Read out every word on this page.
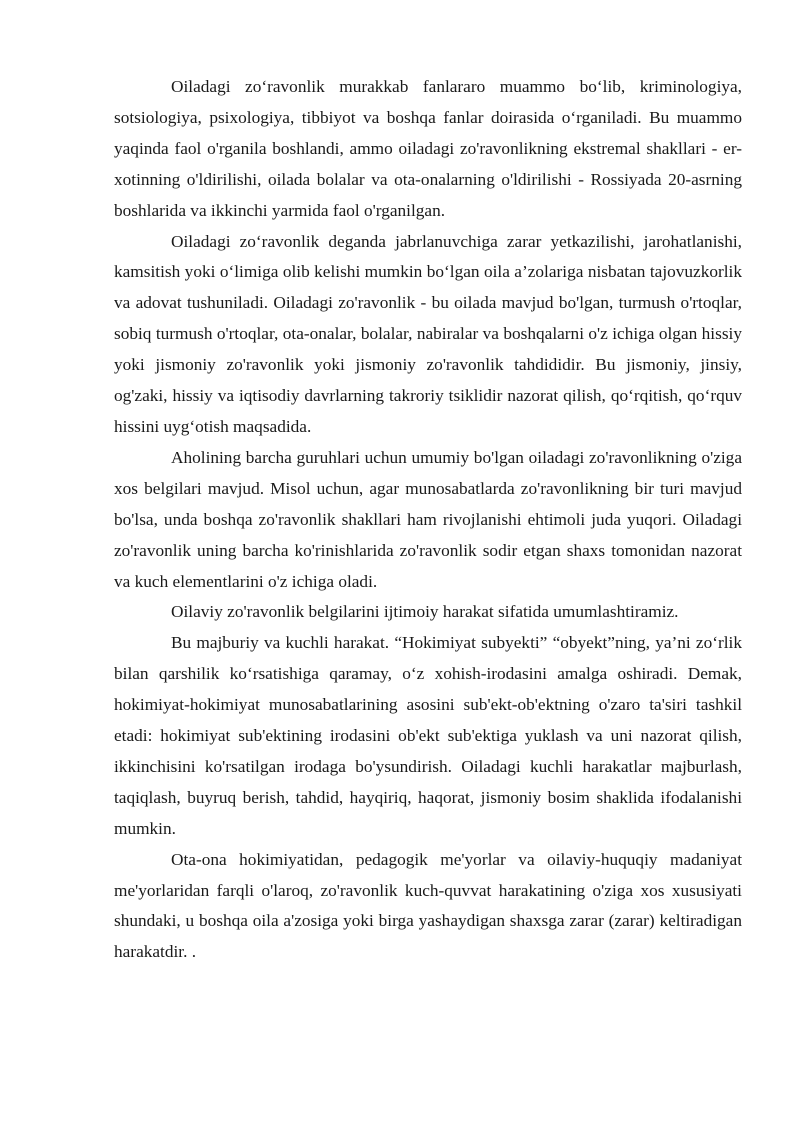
Oiladagi zo‘ravonlik murakkab fanlararo muammo bo‘lib, kriminologiya, sotsiologiya, psixologiya, tibbiyot va boshqa fanlar doirasida o‘rganiladi. Bu muammo yaqinda faol o'rganila boshlandi, ammo oiladagi zo'ravonlikning ekstremal shakllari - er-xotinning o'ldirilishi, oilada bolalar va ota-onalarning o'ldirilishi - Rossiyada 20-asrning boshlarida va ikkinchi yarmida faol o'rganilgan.

Oiladagi zo‘ravonlik deganda jabrlanuvchiga zarar yetkazilishi, jarohatlanishi, kamsitish yoki o‘limiga olib kelishi mumkin bo‘lgan oila a’zolariga nisbatan tajovuzkorlik va adovat tushuniladi. Oiladagi zo'ravonlik - bu oilada mavjud bo'lgan, turmush o'rtoqlar, sobiq turmush o'rtoqlar, ota-onalar, bolalar, nabiralar va boshqalarni o'z ichiga olgan hissiy yoki jismoniy zo'ravonlik yoki jismoniy zo'ravonlik tahdididir. Bu jismoniy, jinsiy, og'zaki, hissiy va iqtisodiy davrlarning takroriy tsiklidir nazorat qilish, qo‘rqitish, qo‘rquv hissini uyg‘otish maqsadida.

Aholining barcha guruhlari uchun umumiy bo'lgan oiladagi zo'ravonlikning o'ziga xos belgilari mavjud. Misol uchun, agar munosabatlarda zo'ravonlikning bir turi mavjud bo'lsa, unda boshqa zo'ravonlik shakllari ham rivojlanishi ehtimoli juda yuqori. Oiladagi zo'ravonlik uning barcha ko'rinishlarida zo'ravonlik sodir etgan shaxs tomonidan nazorat va kuch elementlarini o'z ichiga oladi.

Oilaviy zo'ravonlik belgilarini ijtimoiy harakat sifatida umumlashtiramiz.

Bu majburiy va kuchli harakat. “Hokimiyat subyekti” “obyekt”ning, ya’ni zo‘rlik bilan qarshilik ko‘rsatishiga qaramay, o‘z xohish-irodasini amalga oshiradi. Demak, hokimiyat-hokimiyat munosabatlarining asosini sub'ekt-ob'ektning o'zaro ta'siri tashkil etadi: hokimiyat sub'ektining irodasini ob'ekt sub'ektiga yuklash va uni nazorat qilish, ikkinchisini ko'rsatilgan irodaga bo'ysundirish. Oiladagi kuchli harakatlar majburlash, taqiqlash, buyruq berish, tahdid, hayqiriq, haqorat, jismoniy bosim shaklida ifodalanishi mumkin.

Ota-ona hokimiyatidan, pedagogik me'yorlar va oilaviy-huquqiy madaniyat me'yorlaridan farqli o'laroq, zo'ravonlik kuch-quvvat harakatining o'ziga xos xususiyati shundaki, u boshqa oila a'zosiga yoki birga yashaydigan shaxsga zarar (zarar) keltiradigan harakatdir. .
